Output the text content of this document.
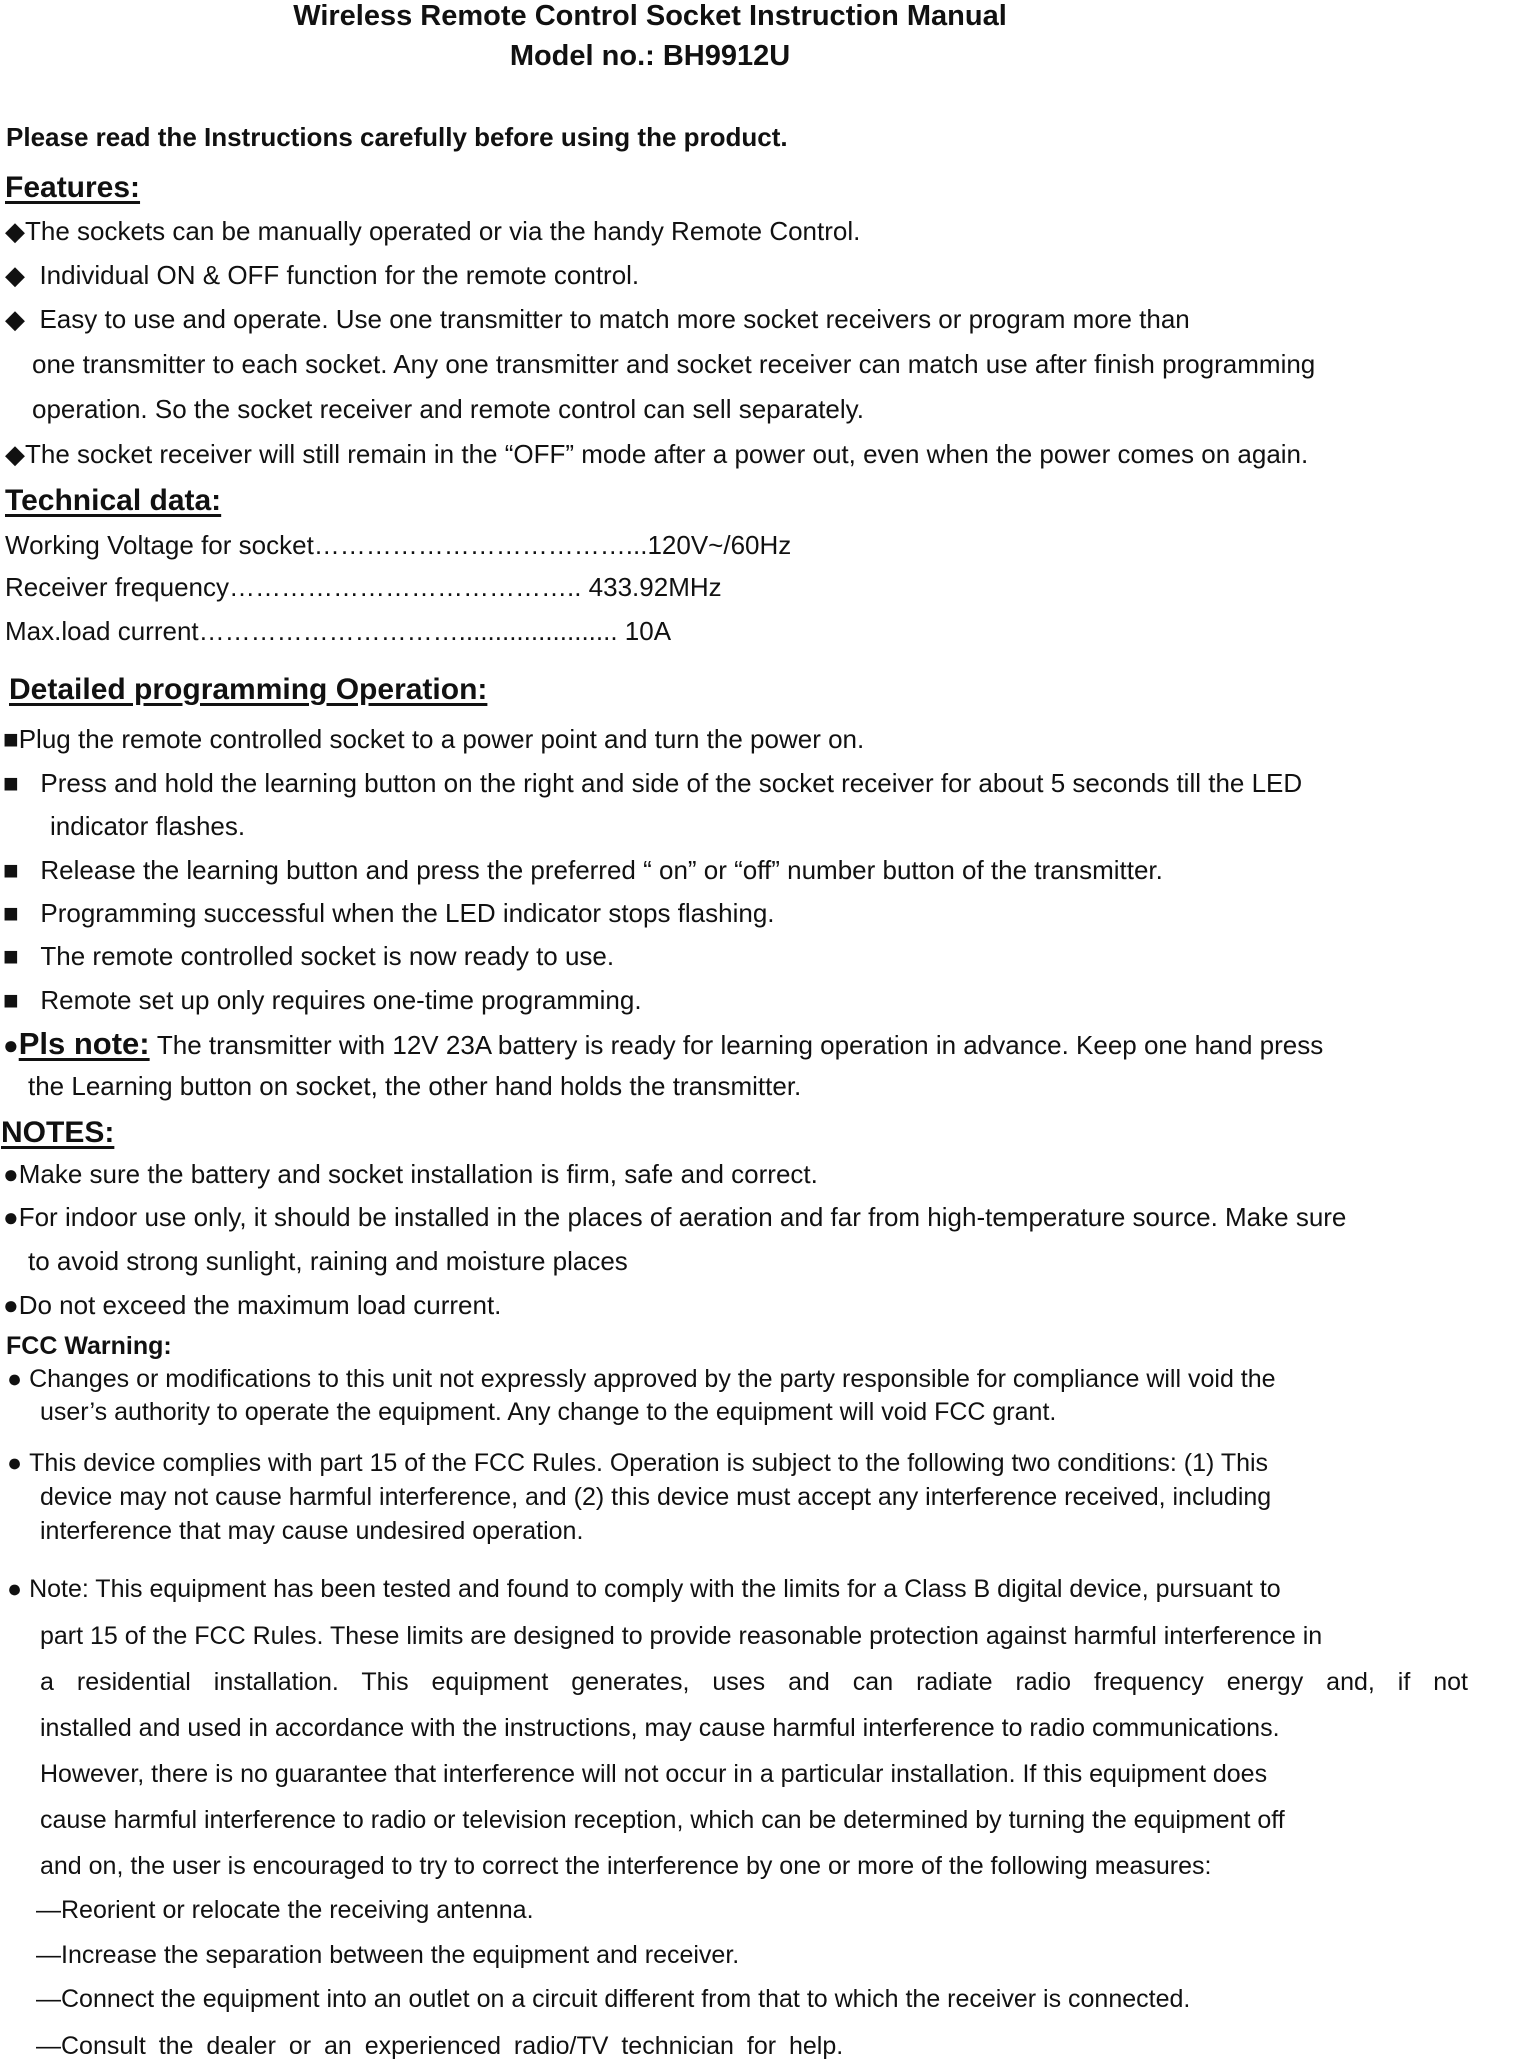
Wireless Remote Control Socket Instruction Manual
Model no.: BH9912U
Please read the Instructions carefully before using the product.
Features:
◆The sockets can be manually operated or via the handy Remote Control.
◆ Individual ON & OFF function for the remote control.
◆ Easy to use and operate. Use one transmitter to match more socket receivers or program more than
one transmitter to each socket. Any one transmitter and socket receiver can match use after finish programming
operation. So the socket receiver and remote control can sell separately.
◆The socket receiver will still remain in the “OFF” mode after a power out, even when the power comes on again.
Technical data:
Working Voltage for socket………………………………...120V~/60Hz
Receiver frequency………………………………….. 433.92MHz
Max.load current…………………………...................... 10A
Detailed programming Operation:
■Plug the remote controlled socket to a power point and turn the power on.
■ Press and hold the learning button on the right and side of the socket receiver for about 5 seconds till the LED
indicator flashes.
■ Release the learning button and press the preferred “ on” or “off” number button of the transmitter.
■ Programming successful when the LED indicator stops flashing.
■ The remote controlled socket is now ready to use.
■ Remote set up only requires one-time programming.
●Pls note: The transmitter with 12V 23A battery is ready for learning operation in advance. Keep one hand press
the Learning button on socket, the other hand holds the transmitter.
NOTES:
●Make sure the battery and socket installation is firm, safe and correct.
●For indoor use only, it should be installed in the places of aeration and far from high-temperature source. Make sure
to avoid strong sunlight, raining and moisture places
●Do not exceed the maximum load current.
FCC Warning:
● Changes or modifications to this unit not expressly approved by the party responsible for compliance will void the
user’s authority to operate the equipment. Any change to the equipment will void FCC grant.
● This device complies with part 15 of the FCC Rules. Operation is subject to the following two conditions: (1) This
device may not cause harmful interference, and (2) this device must accept any interference received, including
interference that may cause undesired operation.
● Note: This equipment has been tested and found to comply with the limits for a Class B digital device, pursuant to
part 15 of the FCC Rules. These limits are designed to provide reasonable protection against harmful interference in
a residential installation. This equipment generates, uses and can radiate radio frequency energy and, if not
installed and used in accordance with the instructions, may cause harmful interference to radio communications.
However, there is no guarantee that interference will not occur in a particular installation. If this equipment does
cause harmful interference to radio or television reception, which can be determined by turning the equipment off
and on, the user is encouraged to try to correct the interference by one or more of the following measures:
—Reorient or relocate the receiving antenna.
—Increase the separation between the equipment and receiver.
—Connect the equipment into an outlet on a circuit different from that to which the receiver is connected.
—Consult the dealer or an experienced radio/TV technician for help.
